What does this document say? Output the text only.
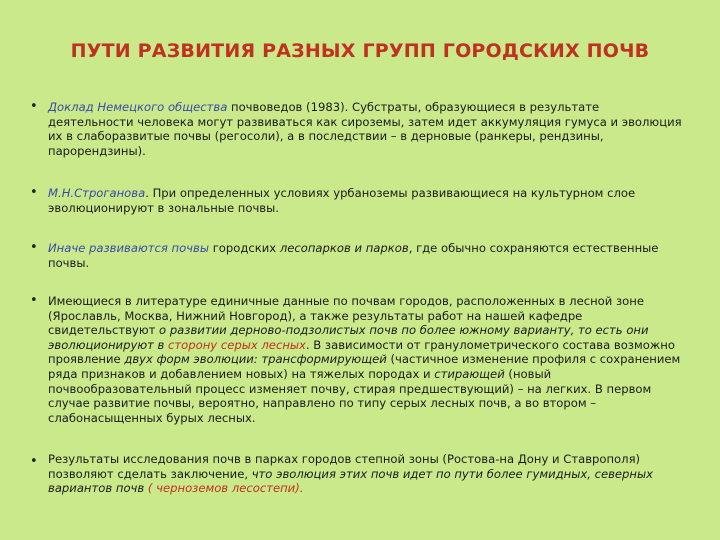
ПУТИ РАЗВИТИЯ РАЗНЫХ ГРУПП ГОРОДСКИХ ПОЧВ
• Доклад Немецкого общества почвоведов (1983). Субстраты, образующиеся в результате деятельности человека могут развиваться как сироземы, затем идет аккумуляция гумуса и эволюция их в слаборазвитые почвы (регосоли), а в последствии – в дерновые (ранкеры, рендзины, парорендзины).
• М.Н.Строганова. При определенных условиях урбаноземы развивающиеся на культурном слое эволюционируют в зональные почвы.
• Иначе развиваются почвы городских лесопарков и парков, где обычно сохраняются естественные почвы.
• Имеющиеся в литературе единичные данные по почвам городов, расположенных в лесной зоне (Ярославль, Москва, Нижний Новгород), а также результаты работ на нашей кафедре свидетельствуют о развитии дерново-подзолистых почв по более южному варианту, то есть они эволюционируют в сторону серых лесных. В зависимости от гранулометрического состава возможно проявление двух форм эволюции: трансформирующей (частичное изменение профиля с сохранением ряда признаков и добавлением новых) на тяжелых породах и стирающей (новый почвообразовательный процесс изменяет почву, стирая предшествующий) – на легких. В первом случае развитие почвы, вероятно, направлено по типу серых лесных почв, а во втором – слабонасыщенных бурых лесных.
• Результаты исследования почв в парках городов степной зоны (Ростова-на Дону и Ставрополя) позволяют сделать заключение, что эволюция этих почв идет по пути более гумидных, северных вариантов почв ( черноземов лесостепи).
